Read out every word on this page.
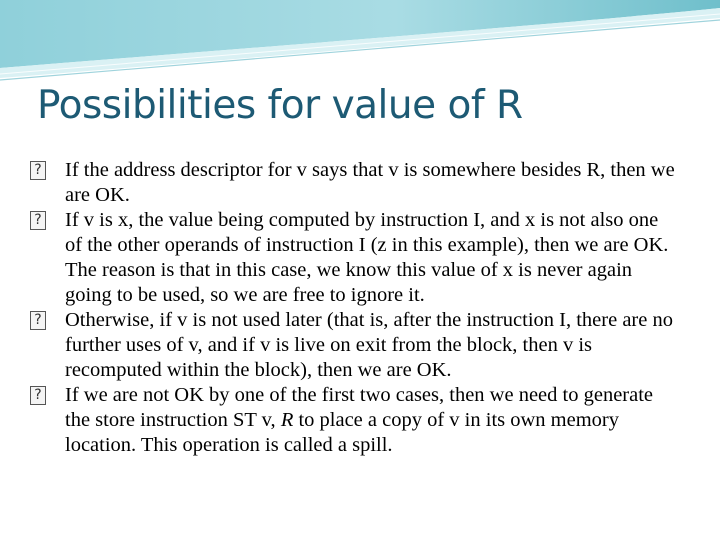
Possibilities for value of R
? If the address descriptor for v says that v is somewhere besides R, then we are OK.
? If v is x, the value being computed by instruction I, and x is not also one of the other operands of instruction I (z in this example), then we are OK. The reason is that in this case, we know this value of x is never again going to be used, so we are free to ignore it.
? Otherwise, if v is not used later (that is, after the instruction I, there are no further uses of v, and if v is live on exit from the block, then v is recomputed within the block), then we are OK.
? If we are not OK by one of the first two cases, then we need to generate the store instruction ST v, R to place a copy of v in its own memory location. This operation is called a spill.
